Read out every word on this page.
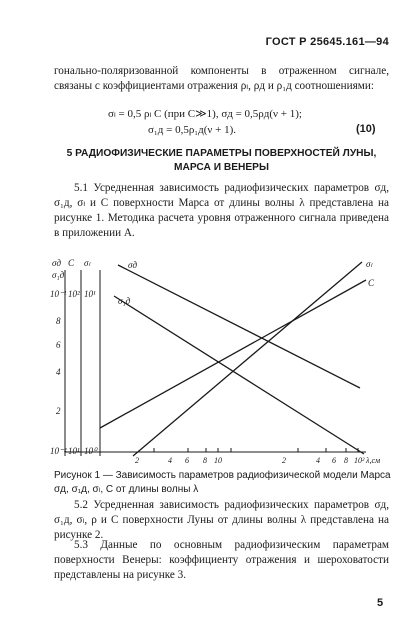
ГОСТ Р 25645.161—94
гонально-поляризованной компоненты в отраженном сигнале, связаны с коэффициентами отражения ρₗ, ρд и ρ₁д соотношениями:
σₗ = 0,5 ρₗ C (при C≫1), σд = 0,5ρд(ν + 1);
σ₁д = 0,5ρ₁д(ν + 1).	(10)
5 РАДИОФИЗИЧЕСКИЕ ПАРАМЕТРЫ ПОВЕРХНОСТЕЙ ЛУНЫ, МАРСА И ВЕНЕРЫ
5.1 Усредненная зависимость радиофизических параметров σд, σ₁д, σₗ и C поверхности Марса от длины волны λ представлена на рисунке 1. Методика расчета уровня отраженного сигнала приведена в приложении А.
σд
σ₁д
C σₗ
10⁻¹
8
6
4
2
10⁻²
10²
10¹
10¹
10⁰
2	4 6 8 10	2	4 6 8 10² λ,см
σд
σ₁д
σₗ
C
Рисунок 1 — Зависимость параметров радиофизической модели Марса σд, σ₁д, σₗ, C от длины волны λ
5.2 Усредненная зависимость радиофизических параметров σд, σ₁д, σₗ, ρ и C поверхности Луны от длины волны λ представлена на рисунке 2.
5.3 Данные по основным радиофизическим параметрам поверхности Венеры: коэффициенту отражения и шероховатости представлены на рисунке 3.
5
